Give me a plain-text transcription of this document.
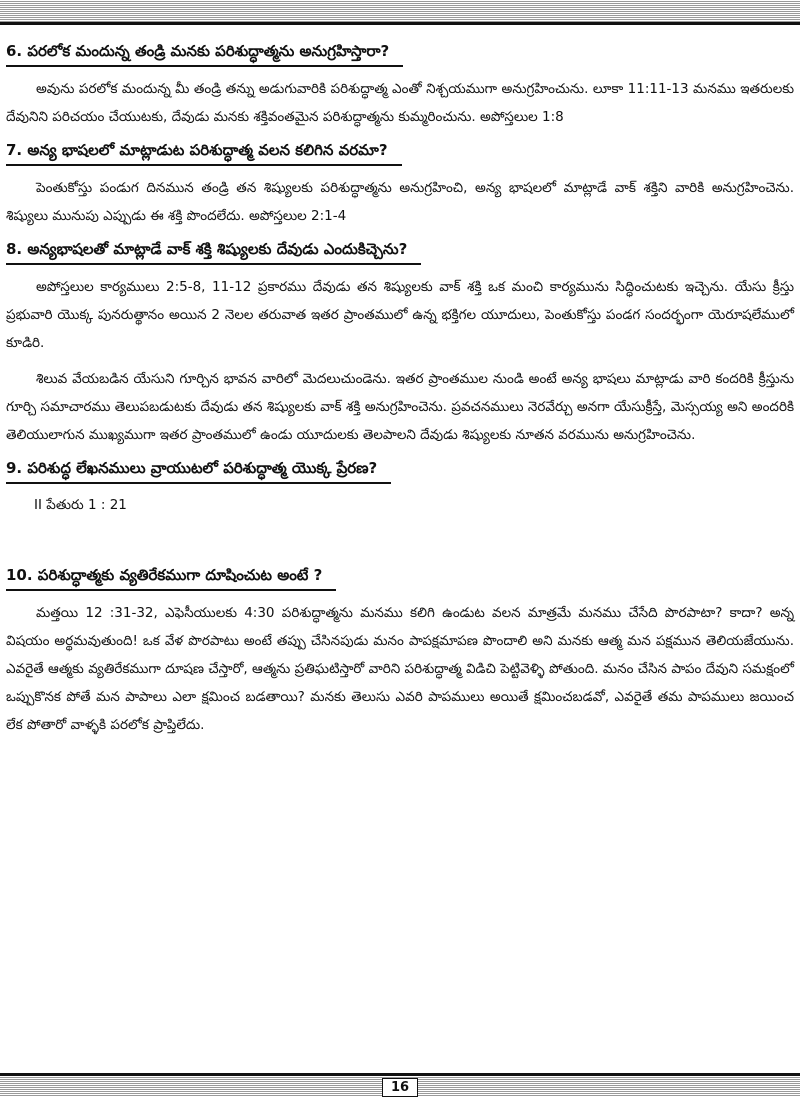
6. పరలోక మందున్న తండ్రి మనకు పరిశుద్ధాత్మను అనుగ్రహిస్తారా?

అవును పరలోక మందున్న మీ తండ్రి తన్ను అడుగువారికి పరిశుద్ధాత్మ ఎంతో నిశ్చయముగా అనుగ్రహించును. లూకా 11:11-13 మనము ఇతరులకు దేవునిని పరిచయం చేయుటకు, దేవుడు మనకు శక్తివంతమైన పరిశుద్ధాత్మను కుమ్మరించును. అపోస్తలుల 1:8

7. అన్య భాషలలో మాట్లాడుట పరిశుద్ధాత్మ వలన కలిగిన వరమా?

పెంతుకోస్తు పండుగ దినమున తండ్రి తన శిష్యులకు పరిశుద్ధాత్మను అనుగ్రహించి, అన్య భాషలలో మాట్లాడే వాక్ శక్తిని వారికి అనుగ్రహించెను. శిష్యులు మునుపు ఎప్పుడు ఈ శక్తి పొందలేదు. అపోస్తలుల 2:1-4

8. అన్యభాషలతో మాట్లాడే వాక్ శక్తి శిష్యులకు దేవుడు ఎందుకిచ్చెను?

అపోస్తలుల కార్యములు 2:5-8, 11-12 ప్రకారము దేవుడు తన శిష్యులకు వాక్ శక్తి ఒక మంచి కార్యమును సిద్ధించుటకు ఇచ్చెను. యేసు క్రీస్తు ప్రభువారి యొక్క పునరుత్థానం అయిన 2 నెలల తరువాత ఇతర ప్రాంతములో ఉన్న భక్తిగల యూదులు, పెంతుకోస్తు పండగ సందర్భంగా యెరూషలేములో కూడిరి.

శిలువ వేయబడిన యేసుని గూర్చిన భావన వారిలో మెదలుచుండెను. ఇతర ప్రాంతముల నుండి అంటే అన్య భాషలు మాట్లాడు వారి కందరికి క్రీస్తును గూర్చి సమాచారము తెలుపబడుటకు దేవుడు తన శిష్యులకు వాక్ శక్తి అనుగ్రహించెను. ప్రవచనములు నెరవేర్చు అనగా యేసుక్రీస్తే, మెస్సయ్య అని అందరికి తెలియులాగున ముఖ్యముగా ఇతర ప్రాంతములో ఉండు యూదులకు తెలపాలని దేవుడు శిష్యులకు నూతన వరమును అనుగ్రహించెను.

9. పరిశుద్ధ లేఖనములు వ్రాయుటలో పరిశుద్ధాత్మ యొక్క ప్రేరణ?

II పేతురు 1 : 21

10. పరిశుద్ధాత్మకు వ్యతిరేకముగా దూషించుట అంటే ?

మత్తయి 12 :31-32, ఎఫెసీయులకు 4:30 పరిశుద్ధాత్మను మనము కలిగి ఉండుట వలన మాత్రమే మనము చేసేది పొరపాటా? కాదా? అన్న విషయం అర్థమవుతుంది! ఒక వేళ పొరపాటు అంటే తప్పు చేసినపుడు మనం పాపక్షమాపణ పొందాలి అని మనకు ఆత్మ మన పక్షమున తెలియజేయును. ఎవరైతే ఆత్మకు వ్యతిరేకముగా దూషణ చేస్తారో, ఆత్మను ప్రతిఘటిస్తారో వారిని పరిశుద్ధాత్మ విడిచి పెట్టివెళ్ళి పోతుంది. మనం చేసిన పాపం దేవుని సమక్షంలో ఒప్పుకొనక పోతే మన పాపాలు ఎలా క్షమించ బడతాయి? మనకు తెలుసు ఎవరి పాపములు అయితే క్షమించబడవో, ఎవరైతే తమ పాపములు జయించ లేక పోతారో వాళ్ళకి పరలోక ప్రాప్తిలేదు.

16
